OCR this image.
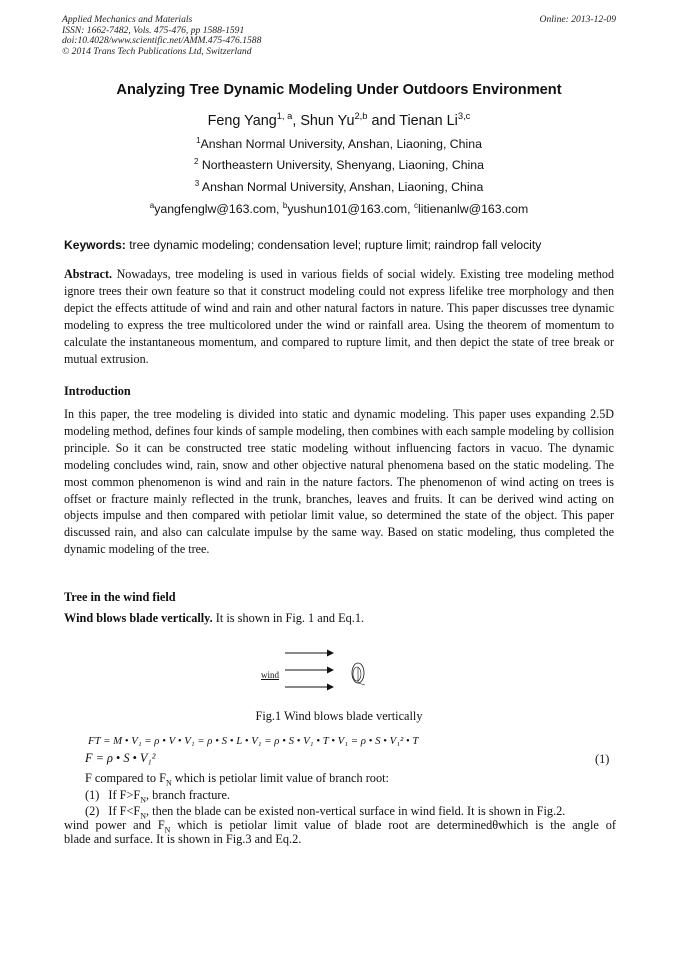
Applied Mechanics and Materials
ISSN: 1662-7482, Vols. 475-476, pp 1588-1591
doi:10.4028/www.scientific.net/AMM.475-476.1588
© 2014 Trans Tech Publications Ltd, Switzerland
Online: 2013-12-09
Analyzing Tree Dynamic Modeling Under Outdoors Environment
Feng Yang$^{1, a}$, Shun Yu$^{2,b}$ and Tienan Li$^{3,c}$
$^1$Anshan Normal University, Anshan, Liaoning, China
$^2$ Northeastern University, Shenyang, Liaoning, China
$^3$ Anshan Normal University, Anshan, Liaoning, China
$^a$yangfenglw@163.com, $^b$yushun101@163.com, $^c$litienanlw@163.com
Keywords: tree dynamic modeling; condensation level; rupture limit; raindrop fall velocity
Abstract. Nowadays, tree modeling is used in various fields of social widely. Existing tree modeling method ignore trees their own feature so that it construct modeling could not express lifelike tree morphology and then depict the effects attitude of wind and rain and other natural factors in nature. This paper discusses tree dynamic modeling to express the tree multicolored under the wind or rainfall area. Using the theorem of momentum to calculate the instantaneous momentum, and compared to rupture limit, and then depict the state of tree break or mutual extrusion.
Introduction
In this paper, the tree modeling is divided into static and dynamic modeling. This paper uses expanding 2.5D modeling method, defines four kinds of sample modeling, then combines with each sample modeling by collision principle. So it can be constructed tree static modeling without influencing factors in vacuo. The dynamic modeling concludes wind, rain, snow and other objective natural phenomena based on the static modeling. The most common phenomenon is wind and rain in the nature factors. The phenomenon of wind acting on trees is offset or fracture mainly reflected in the trunk, branches, leaves and fruits. It can be derived wind acting on objects impulse and then compared with petiolar limit value, so determined the state of the object. This paper discussed rain, and also can calculate impulse by the same way. Based on static modeling, thus completed the dynamic modeling of the tree.
Tree in the wind field
Wind blows blade vertically. It is shown in Fig. 1 and Eq.1.
wind
Fig.1 Wind blows blade vertically
FT = M • V₁ = ρ • V • V₁ = ρ • S • L • V₁ = ρ • S • V₁ • T • V₁ = ρ • S • V₁² • T
F = ρ • S • V₁²	(1)
F compared to $F_N$ which is petiolar limit value of branch root:
(1) If $F>F_N$, branch fracture.
(2) If $F<F_N$, then the blade can be existed non-vertical surface in wind field. It is shown in Fig.2.
wind power and $F_N$ which is petiolar limit value of blade root are determinedθwhich is the angle of
blade and surface. It is shown in Fig.3 and Eq.2.
